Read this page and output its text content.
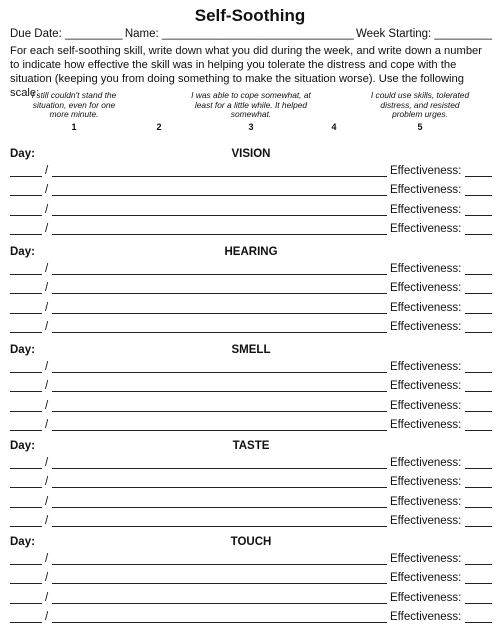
Self-Soothing
Due Date: _________ Name: ______________________________ Week Starting: _________
For each self-soothing skill, write down what you did during the week, and write down a number to indicate how effective the skill was in helping you tolerate the distress and cope with the situation (keeping you from doing something to make the situation worse). Use the following scale:
I still couldn't stand the situation, even for one more minute.
I was able to cope somewhat, at least for a little while. It helped somewhat.
I could use skills, tolerated distress, and resisted problem urges.
1	2	3	4	5
Day:	VISION
/	Effectiveness:
/	Effectiveness:
/	Effectiveness:
/	Effectiveness:
Day:	HEARING
/	Effectiveness:
/	Effectiveness:
/	Effectiveness:
/	Effectiveness:
Day:	SMELL
/	Effectiveness:
/	Effectiveness:
/	Effectiveness:
/	Effectiveness:
Day:	TASTE
/	Effectiveness:
/	Effectiveness:
/	Effectiveness:
/	Effectiveness:
Day:	TOUCH
/	Effectiveness:
/	Effectiveness:
/	Effectiveness:
/	Effectiveness:
